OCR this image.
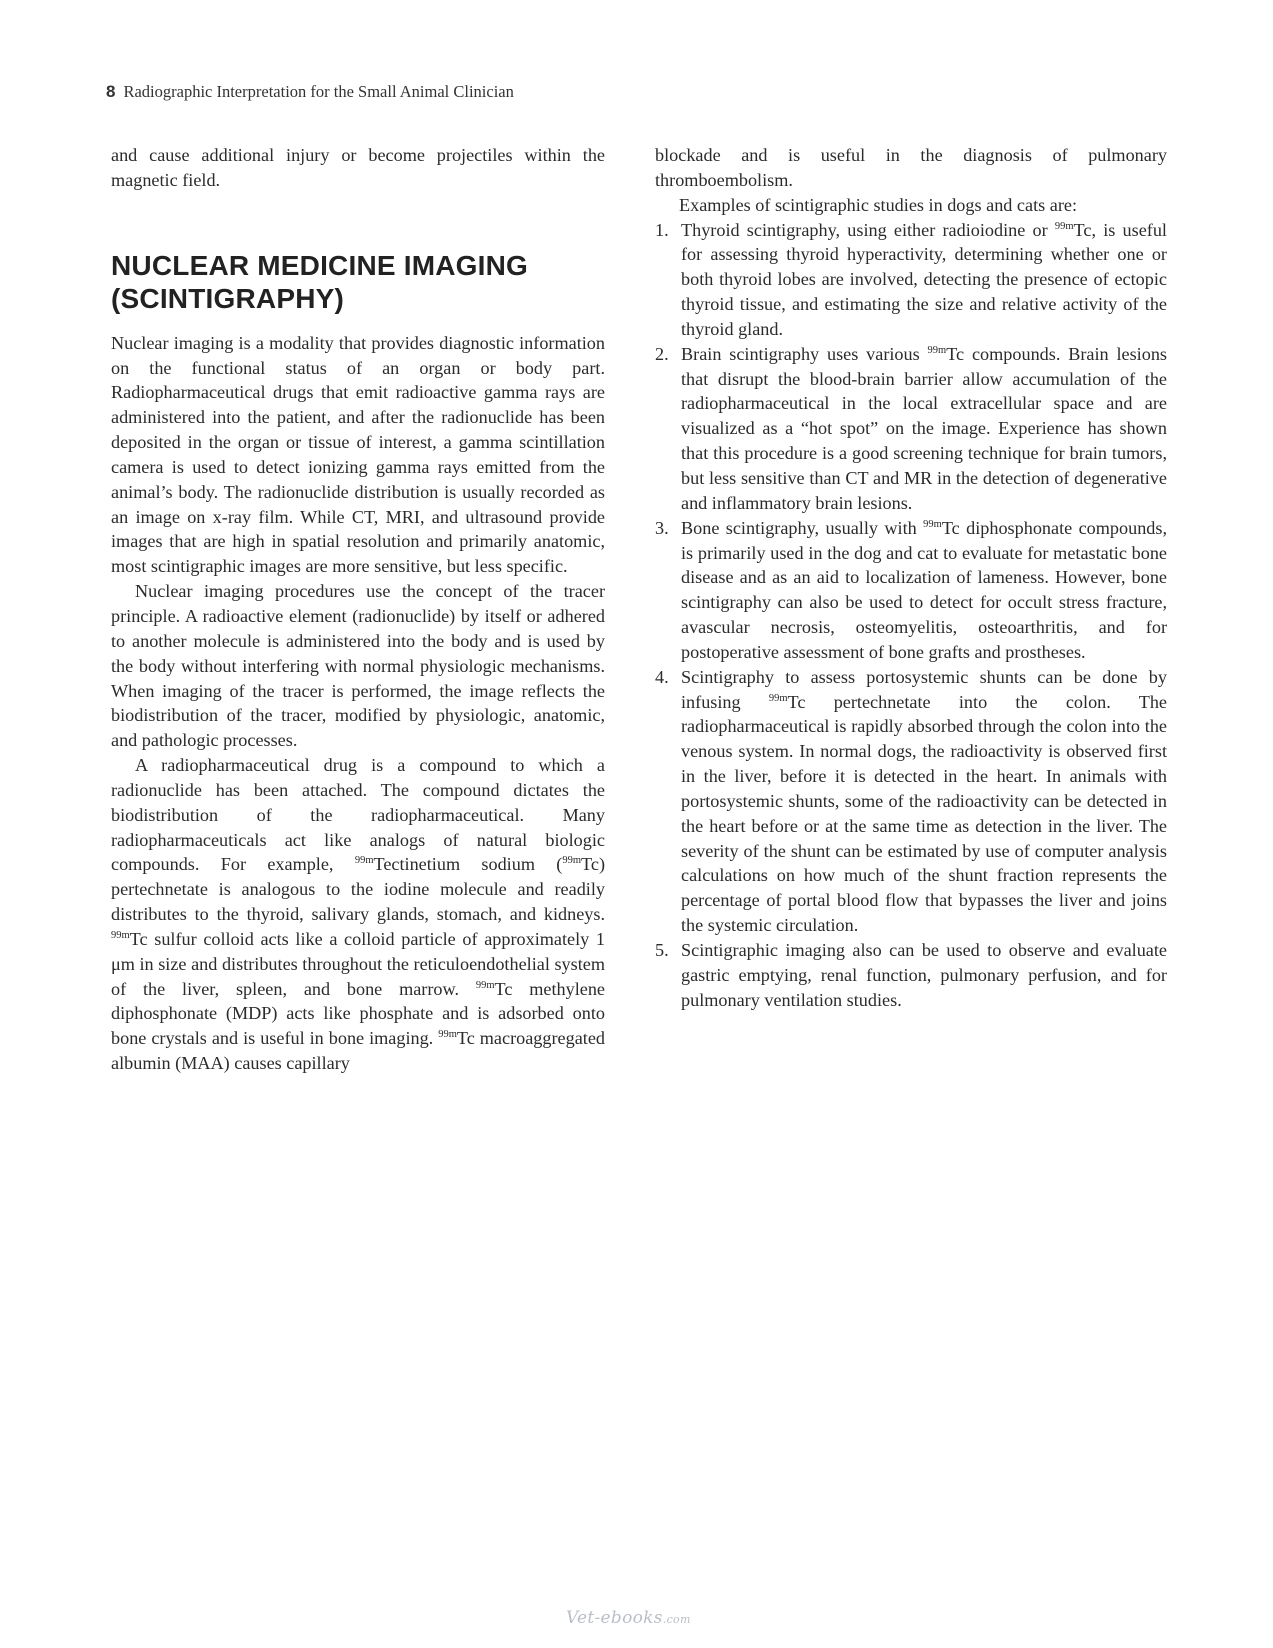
8 Radiographic Interpretation for the Small Animal Clinician

and cause additional injury or become projectiles within the magnetic field.

NUCLEAR MEDICINE IMAGING
(SCINTIGRAPHY)

Nuclear imaging is a modality that provides diagnostic information on the functional status of an organ or body part. Radiopharmaceutical drugs that emit radioactive gamma rays are administered into the patient, and after the radionuclide has been deposited in the organ or tissue of interest, a gamma scintillation camera is used to detect ionizing gamma rays emitted from the animal’s body. The radionuclide distribution is usually recorded as an image on x-ray film. While CT, MRI, and ultrasound provide images that are high in spatial resolution and primarily anatomic, most scintigraphic images are more sensitive, but less specific.

Nuclear imaging procedures use the concept of the tracer principle. A radioactive element (radionuclide) by itself or adhered to another molecule is administered into the body and is used by the body without interfering with normal physiologic mechanisms. When imaging of the tracer is performed, the image reflects the biodistribution of the tracer, modified by physiologic, anatomic, and pathologic processes.

A radiopharmaceutical drug is a compound to which a radionuclide has been attached. The compound dictates the biodistribution of the radiopharmaceutical. Many radiopharmaceuticals act like analogs of natural biologic compounds. For example, $^{99m}$Tectinetium sodium ($^{99m}$Tc) pertechnetate is analogous to the iodine molecule and readily distributes to the thyroid, salivary glands, stomach, and kidneys. $^{99m}$Tc sulfur colloid acts like a colloid particle of approximately 1 μm in size and distributes throughout the reticuloendothelial system of the liver, spleen, and bone marrow. $^{99m}$Tc methylene diphosphonate (MDP) acts like phosphate and is adsorbed onto bone crystals and is useful in bone imaging. $^{99m}$Tc macroaggregated albumin (MAA) causes capillary

blockade and is useful in the diagnosis of pulmonary thromboembolism.

Examples of scintigraphic studies in dogs and cats are:

1. Thyroid scintigraphy, using either radioiodine or $^{99m}$Tc, is useful for assessing thyroid hyperactivity, determining whether one or both thyroid lobes are involved, detecting the presence of ectopic thyroid tissue, and estimating the size and relative activity of the thyroid gland.
2. Brain scintigraphy uses various $^{99m}$Tc compounds. Brain lesions that disrupt the blood-brain barrier allow accumulation of the radiopharmaceutical in the local extracellular space and are visualized as a “hot spot” on the image. Experience has shown that this procedure is a good screening technique for brain tumors, but less sensitive than CT and MR in the detection of degenerative and inflammatory brain lesions.
3. Bone scintigraphy, usually with $^{99m}$Tc diphosphonate compounds, is primarily used in the dog and cat to evaluate for metastatic bone disease and as an aid to localization of lameness. However, bone scintigraphy can also be used to detect for occult stress fracture, avascular necrosis, osteomyelitis, osteoarthritis, and for postoperative assessment of bone grafts and prostheses.
4. Scintigraphy to assess portosystemic shunts can be done by infusing	$^{99m}$Tc pertechnetate into the colon. The radiopharmaceutical is rapidly absorbed through the colon into the venous system. In normal dogs, the radioactivity is observed first in the liver, before it is detected in the heart. In animals with portosystemic shunts, some of the radioactivity can be detected in the heart before or at the same time as detection in the liver. The severity of the shunt can be estimated by use of computer analysis calculations on how much of the shunt fraction represents the percentage of portal blood flow that bypasses the liver and joins the systemic circulation.
5. Scintigraphic imaging also can be used to observe and evaluate gastric emptying, renal function, pulmonary perfusion, and for pulmonary ventilation studies.
Vet-ebooks.com
